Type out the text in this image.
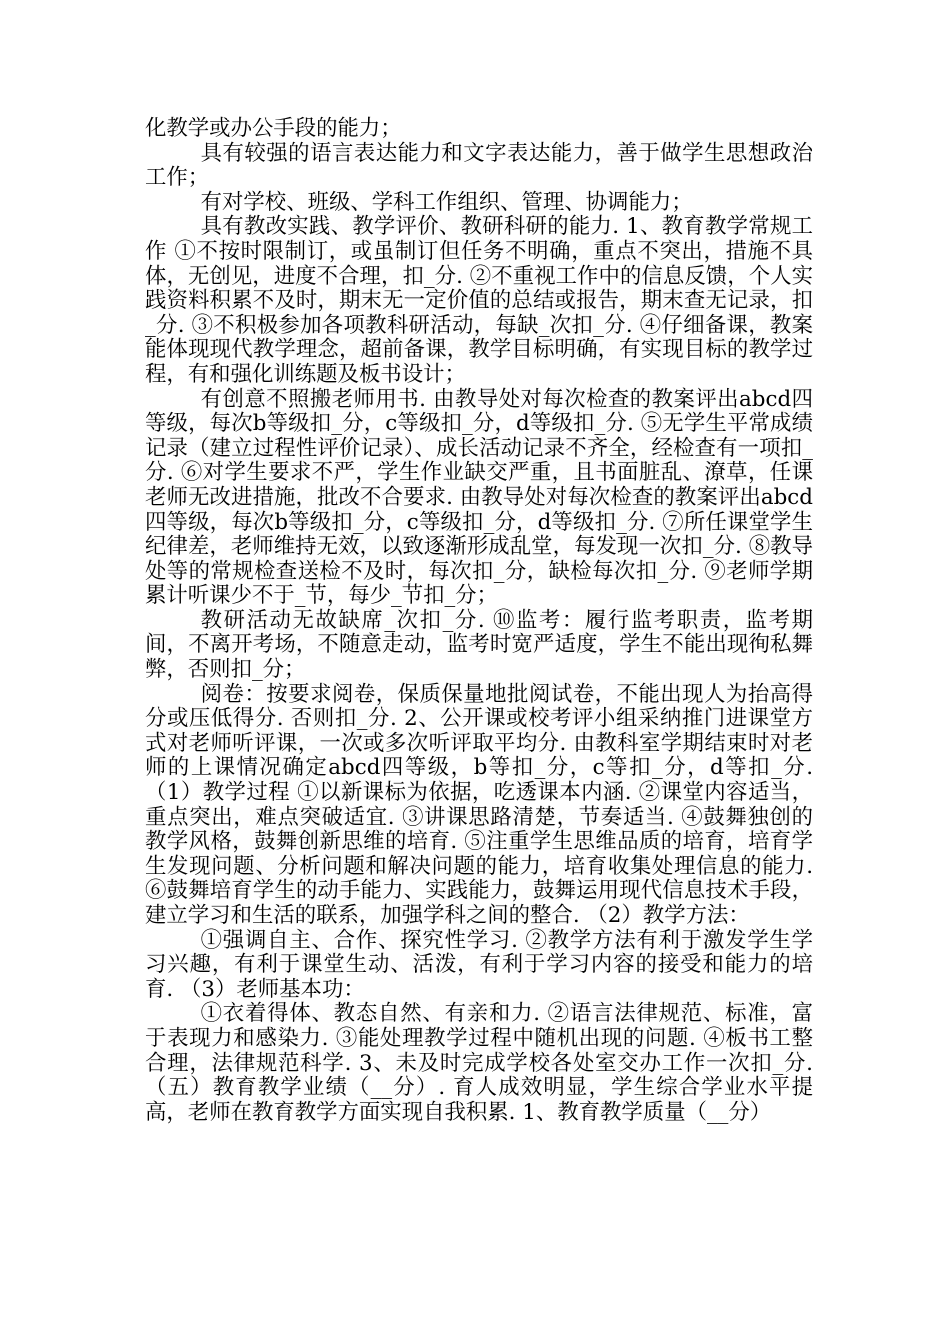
化教学或办公手段的能力；

具有较强的语言表达能力和文字表达能力，善于做学生思想政治工作；

有对学校、班级、学科工作组织、管理、协调能力；

具有教改实践、教学评价、教研科研的能力. 1、教育教学常规工作 ①不按时限制订，或虽制订但任务不明确，重点不突出，措施不具体，无创见，进度不合理，扣_分. ②不重视工作中的信息反馈，个人实践资料积累不及时，期末无一定价值的总结或报告，期末查无记录，扣_分. ③不积极参加各项教科研活动，每缺_次扣_分. ④仔细备课，教案能体现现代教学理念，超前备课，教学目标明确，有实现目标的教学过程，有和强化训练题及板书设计；

有创意不照搬老师用书. 由教导处对每次检查的教案评出abcd四等级，每次b等级扣_分，c等级扣_分，d等级扣_分. ⑤无学生平常成绩记录（建立过程性评价记录）、成长活动记录不齐全，经检查有一项扣_分. ⑥对学生要求不严，学生作业缺交严重，且书面脏乱、潦草，任课老师无改进措施，批改不合要求. 由教导处对每次检查的教案评出abcd四等级，每次b等级扣_分，c等级扣_分，d等级扣_分. ⑦所任课堂学生纪律差，老师维持无效，以致逐渐形成乱堂，每发现一次扣_分. ⑧教导处等的常规检查送检不及时，每次扣_分，缺检每次扣_分. ⑨老师学期累计听课少不于_节，每少_节扣_分；

教研活动无故缺席_次扣_分. ⑩监考：履行监考职责，监考期间，不离开考场，不随意走动，监考时宽严适度，学生不能出现徇私舞弊，否则扣_分；

阅卷：按要求阅卷，保质保量地批阅试卷，不能出现人为抬高得分或压低得分. 否则扣_分. 2、公开课或校考评小组采纳推门进课堂方式对老师听评课，一次或多次听评取平均分. 由教科室学期结束时对老师的上课情况确定abcd四等级，b等扣_分，c等扣_分，d等扣_分. （1）教学过程 ①以新课标为依据，吃透课本内涵. ②课堂内容适当，重点突出，难点突破适宜. ③讲课思路清楚，节奏适当. ④鼓舞独创的教学风格，鼓舞创新思维的培育. ⑤注重学生思维品质的培育，培育学生发现问题、分析问题和解决问题的能力，培育收集处理信息的能力. ⑥鼓舞培育学生的动手能力、实践能力，鼓舞运用现代信息技术手段，建立学习和生活的联系，加强学科之间的整合. （2）教学方法：

①强调自主、合作、探究性学习. ②教学方法有利于激发学生学习兴趣，有利于课堂生动、活泼，有利于学习内容的接受和能力的培育. （3）老师基本功：

①衣着得体、教态自然、有亲和力. ②语言法律规范、标准，富于表现力和感染力. ③能处理教学过程中随机出现的问题. ④板书工整合理，法律规范科学. 3、未及时完成学校各处室交办工作一次扣_分. （五）教育教学业绩（__分）. 育人成效明显，学生综合学业水平提高，老师在教育教学方面实现自我积累. 1、教育教学质量（__分）
